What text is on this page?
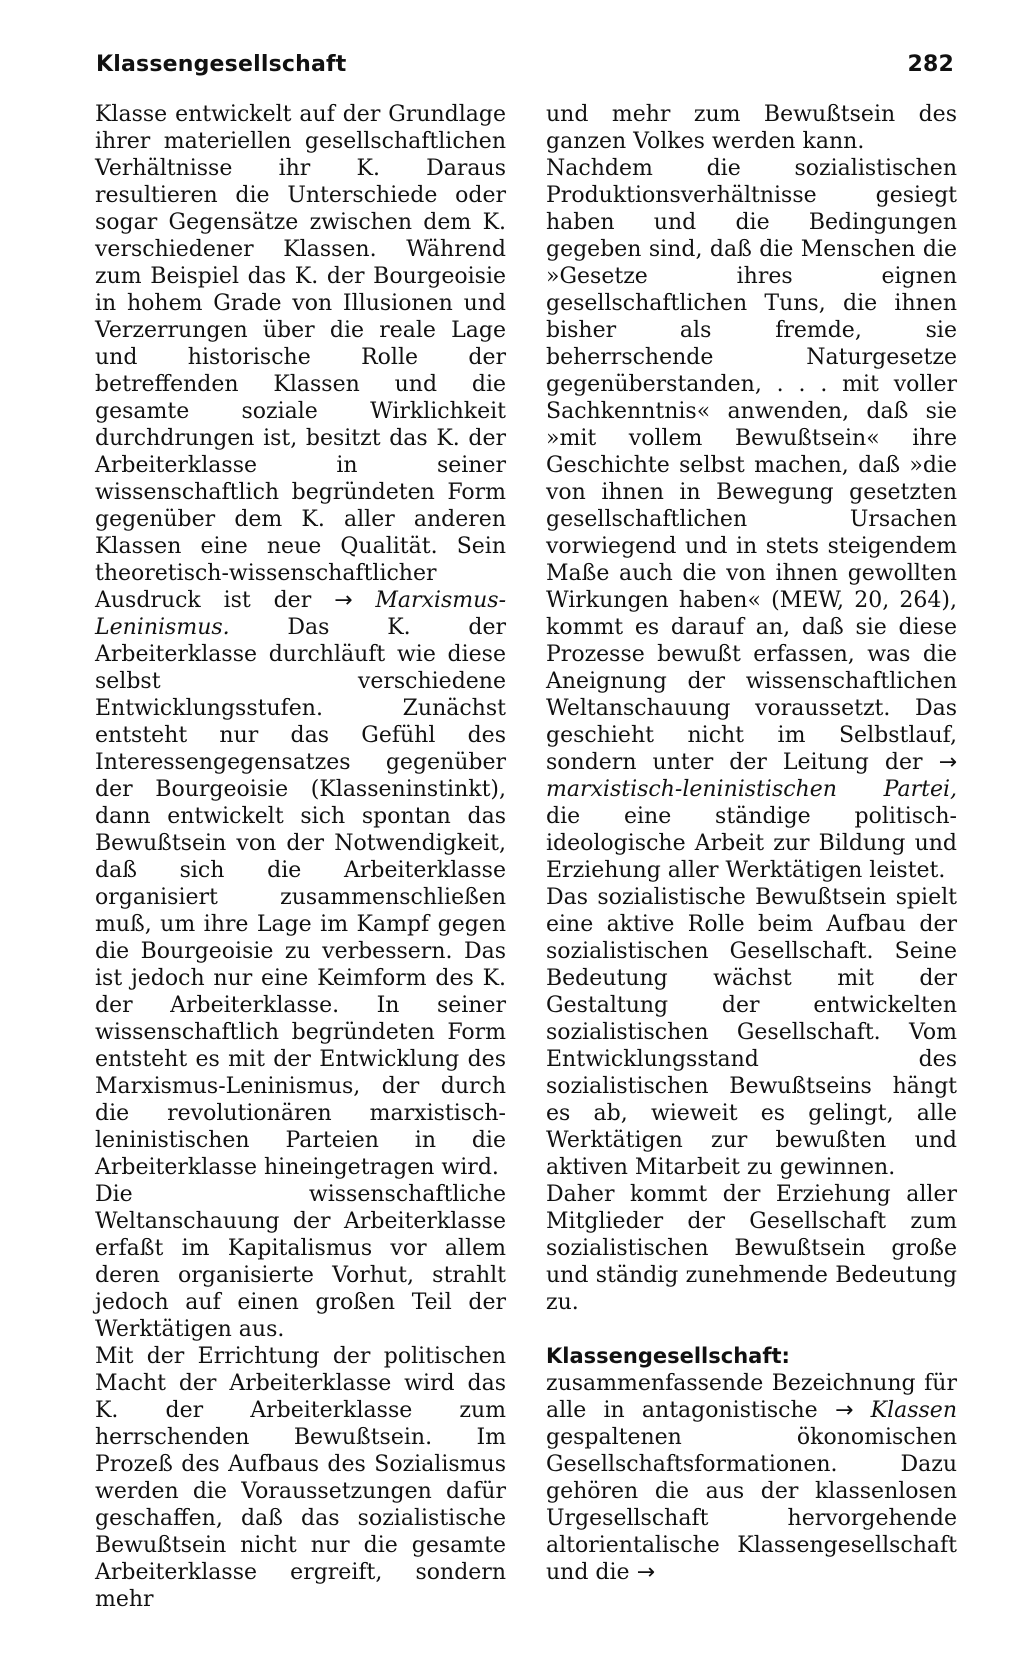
Klassengesellschaft	282

Klasse entwickelt auf der Grundlage ihrer materiellen gesellschaftlichen Verhältnisse ihr K. Daraus resultieren die Unterschiede oder sogar Gegensätze zwischen dem K. verschiedener Klassen. Während zum Beispiel das K. der Bourgeoisie in hohem Grade von Illusionen und Verzerrungen über die reale Lage und historische Rolle der betreffenden Klassen und die gesamte soziale Wirklichkeit durchdrungen ist, besitzt das K. der Arbeiterklasse in seiner wissenschaftlich begründeten Form gegenüber dem K. aller anderen Klassen eine neue Qualität. Sein theoretisch-wissenschaftlicher Ausdruck ist der → Marxismus-Leninismus.	Das K. der Arbeiterklasse durchläuft wie diese selbst verschiedene Entwicklungsstufen. Zunächst entsteht nur das Gefühl des Interessengegensatzes gegenüber der Bourgeoisie (Klasseninstinkt), dann entwickelt sich spontan das Bewußtsein von der Notwendigkeit, daß sich die Arbeiterklasse organisiert zusammenschließen muß, um ihre Lage im Kampf gegen die Bourgeoisie zu verbessern. Das ist jedoch nur eine Keimform des K. der Arbeiterklasse. In seiner wissenschaftlich begründeten Form entsteht es mit der Entwicklung des Marxismus-Leninismus, der durch die revolutionären marxistisch-leninistischen Parteien in die Arbeiterklasse hineingetragen wird.

Die wissenschaftliche Weltanschauung der Arbeiterklasse erfaßt im Kapitalismus vor allem deren organisierte Vorhut, strahlt jedoch auf einen großen Teil der Werktätigen aus.

Mit der Errichtung der politischen Macht der Arbeiterklasse wird das K. der Arbeiterklasse zum herrschenden Bewußtsein. Im Prozeß des Aufbaus des Sozialismus werden die Voraussetzungen dafür geschaffen, daß das sozialistische Bewußtsein nicht nur die gesamte Arbeiterklasse ergreift, sondern mehr

und mehr zum Bewußtsein des ganzen Volkes werden kann.

Nachdem die sozialistischen Produktionsverhältnisse gesiegt haben und die Bedingungen gegeben sind, daß die Menschen die »Gesetze ihres eignen gesellschaftlichen Tuns, die ihnen bisher als fremde, sie beherrschende Naturgesetze gegenüberstanden, . . . mit voller Sachkenntnis« anwenden, daß sie »mit vollem Bewußtsein« ihre Geschichte selbst machen, daß »die von ihnen in Bewegung gesetzten gesellschaftlichen Ursachen vorwiegend und in stets steigendem Maße auch die von ihnen gewollten Wirkungen haben« (MEW, 20, 264), kommt es darauf an, daß sie diese Prozesse bewußt erfassen, was die Aneignung der wissenschaftlichen Weltanschauung voraussetzt. Das geschieht nicht im Selbstlauf, sondern unter der Leitung der → marxistisch-leninistischen Partei, die eine ständige politisch-ideologische Arbeit zur Bildung und Erziehung aller Werktätigen leistet.

Das sozialistische Bewußtsein spielt eine aktive Rolle beim Aufbau der sozialistischen Gesellschaft. Seine Bedeutung wächst mit der Gestaltung der entwickelten sozialistischen Gesellschaft. Vom Entwicklungsstand des sozialistischen Bewußtseins hängt es ab, wieweit es gelingt, alle Werktätigen zur bewußten und aktiven Mitarbeit zu gewinnen.

Daher kommt der Erziehung aller Mitglieder der Gesellschaft zum sozialistischen Bewußtsein große und ständig zunehmende Bedeutung zu.

Klassengesellschaft: zusammenfassende Bezeichnung für alle in antagonistische → Klassen gespaltenen ökonomischen Gesellschaftsformationen. Dazu gehören die aus der klassenlosen Urgesellschaft hervorgehende altorientalische Klassengesellschaft und die →
